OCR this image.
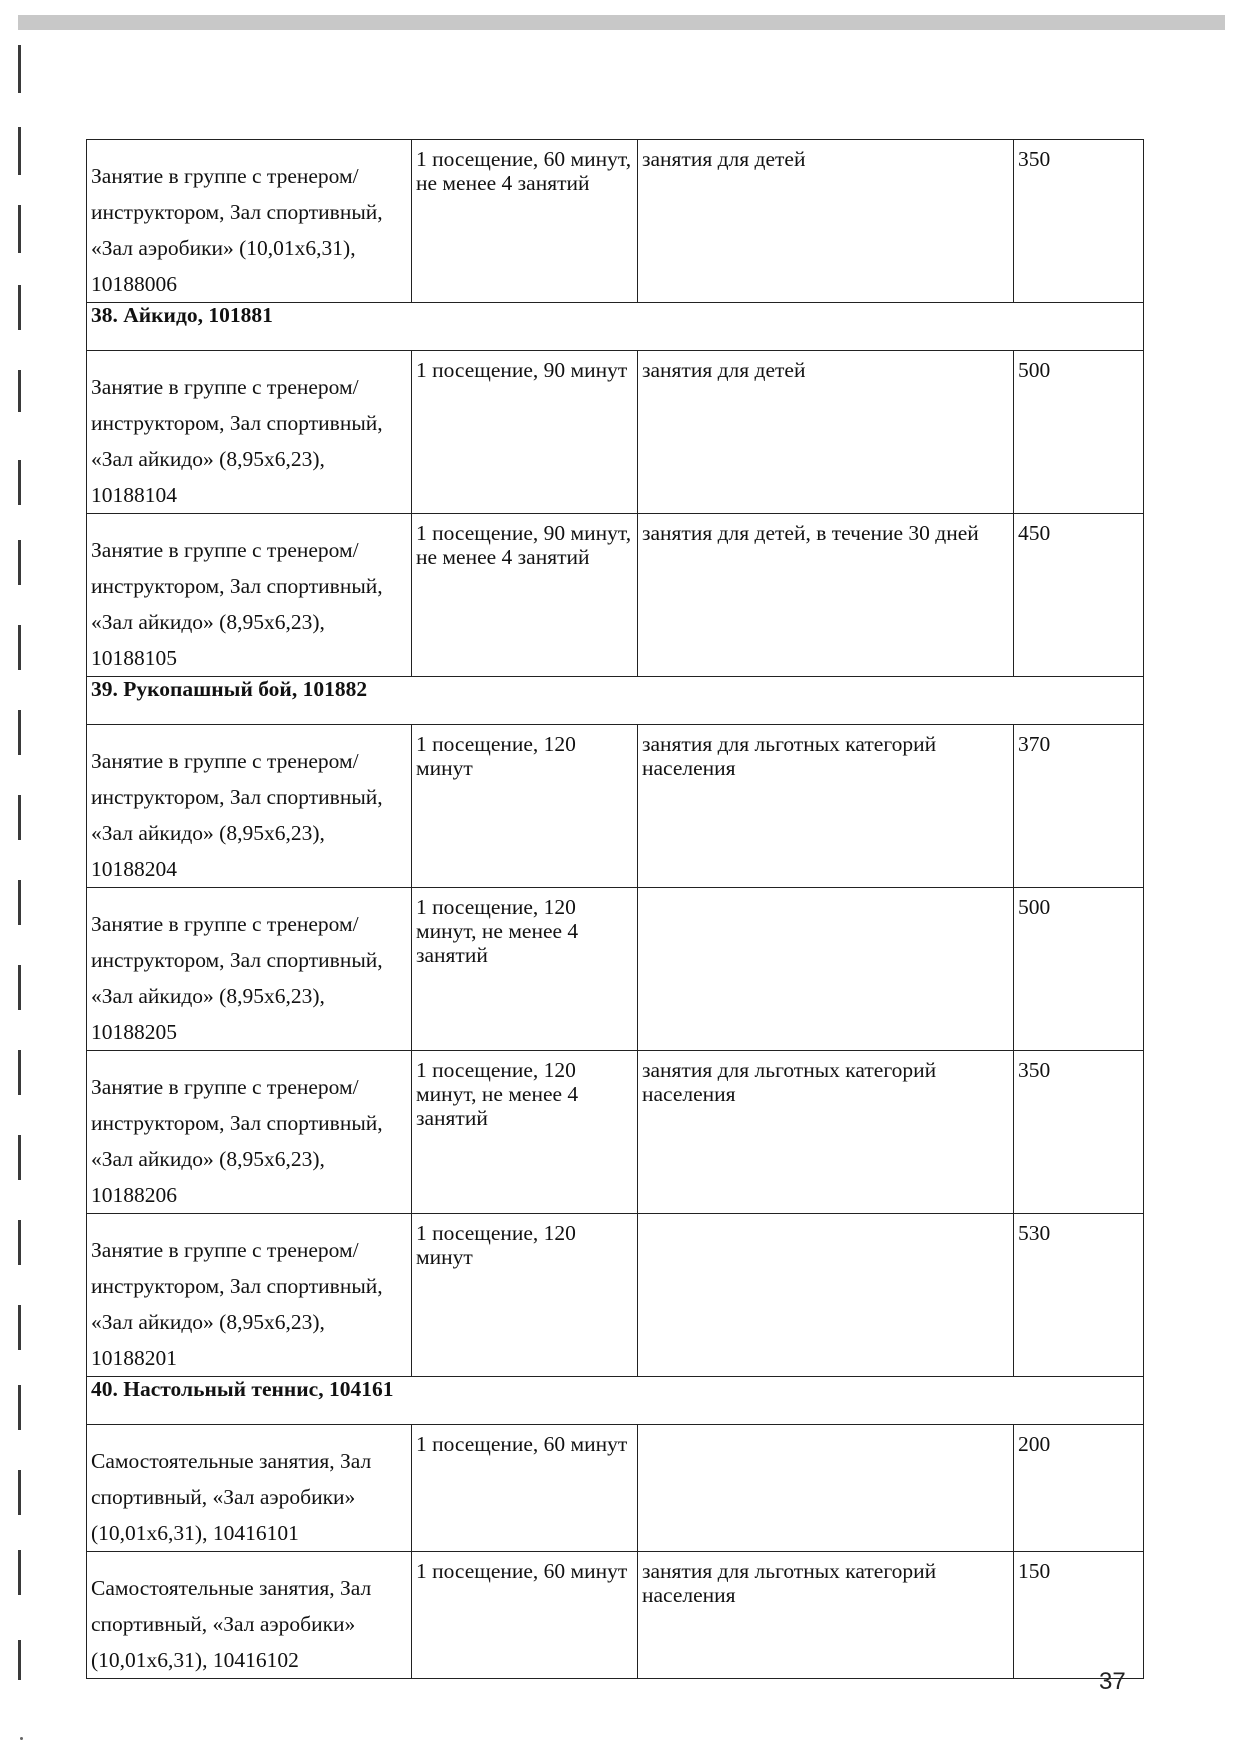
Занятие в группе с тренером/инструктором, Зал спортивный, «Зал аэробики» (10,01х6,31), 10188006	1 посещение, 60 минут, не менее 4 занятий	занятия для детей	350
38. Айкидо, 101881			
Занятие в группе с тренером/инструктором, Зал спортивный, «Зал айкидо» (8,95х6,23), 10188104	1 посещение, 90 минут	занятия для детей	500
Занятие в группе с тренером/инструктором, Зал спортивный, «Зал айкидо» (8,95х6,23), 10188105	1 посещение, 90 минут, не менее 4 занятий	занятия для детей, в течение 30 дней	450
39. Рукопашный бой, 101882			
Занятие в группе с тренером/инструктором, Зал спортивный, «Зал айкидо» (8,95х6,23), 10188204	1 посещение, 120 минут	занятия для льготных категорий населения	370
Занятие в группе с тренером/инструктором, Зал спортивный, «Зал айкидо» (8,95х6,23), 10188205	1 посещение, 120 минут, не менее 4 занятий		500
Занятие в группе с тренером/инструктором, Зал спортивный, «Зал айкидо» (8,95х6,23), 10188206	1 посещение, 120 минут, не менее 4 занятий	занятия для льготных категорий населения	350
Занятие в группе с тренером/инструктором, Зал спортивный, «Зал айкидо» (8,95х6,23), 10188201	1 посещение, 120 минут		530
40. Настольный теннис, 104161			
Самостоятельные занятия, Зал спортивный, «Зал аэробики» (10,01х6,31), 10416101	1 посещение, 60 минут		200
Самостоятельные занятия, Зал спортивный, «Зал аэробики» (10,01х6,31), 10416102	1 посещение, 60 минут	занятия для льготных категорий населения	150
37
